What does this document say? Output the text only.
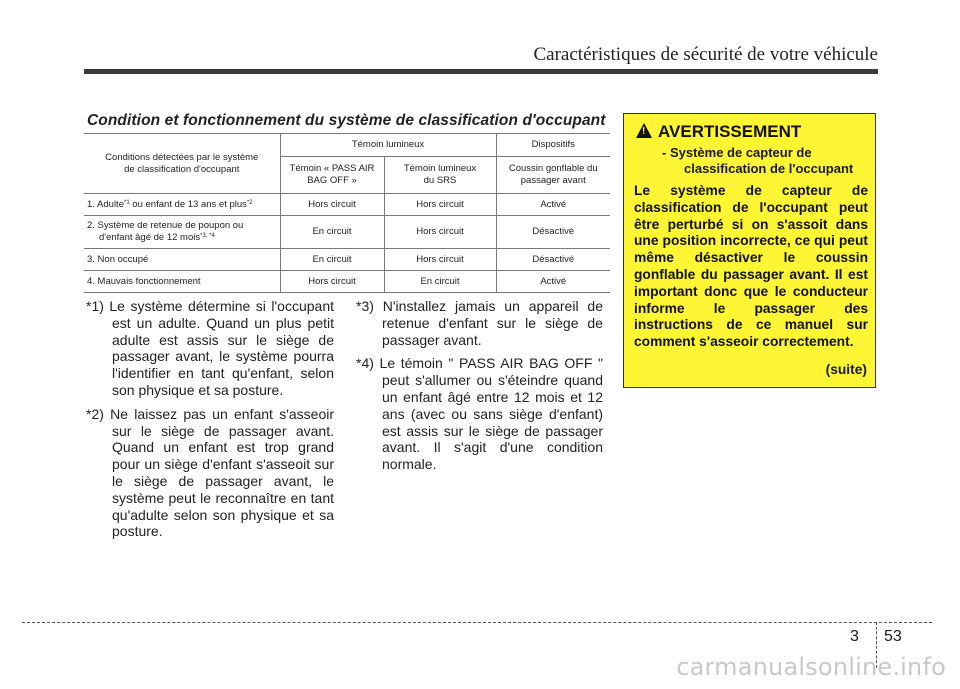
Caractéristiques de sécurité de votre véhicule
Condition et fonctionnement du système de classification d'occupant
Conditions détectées par le système de classification d'occupant	Témoin lumineux		Dispositifs
	Témoin « PASS AIR BAG OFF »	Témoin lumineux du SRS	Coussin gonflable du passager avant
1. Adulte$^{*1}$ ou enfant de 13 ans et plus$^{*2}$	Hors circuit	Hors circuit	Activé
2. Système de retenue de poupon ou
d'enfant âgé de 12 mois$^{*3, *4}$	En circuit	Hors circuit	Désactivé
3. Non occupé	En circuit	Hors circuit	Désactivé
4. Mauvais fonctionnement	Hors circuit	En circuit	Activé
*1) Le système détermine si l'occupant est un adulte. Quand un plus petit adulte est assis sur le siège de passager avant, le système pourra l'identifier en tant qu'enfant, selon son physique et sa posture.
*2) Ne laissez pas un enfant s'asseoir sur le siège de passager avant. Quand un enfant est trop grand pour un siège d'enfant s'asseoit sur le siège de passager avant, le système peut le reconnaître en tant qu'adulte selon son physique et sa posture.
*3) N'installez jamais un appareil de retenue d'enfant sur le siège de passager avant.
*4) Le témoin " PASS AIR BAG OFF " peut s'allumer ou s'éteindre quand un enfant âgé entre 12 mois et 12 ans (avec ou sans siège d'enfant) est assis sur le siège de passager avant. Il s'agit d'une condition normale.
! AVERTISSEMENT
- Système de capteur de
classification de l'occupant
Le système de capteur de classification de l'occupant peut être perturbé si on s'assoit dans une position incorrecte, ce qui peut même désactiver le coussin gonflable du passager avant. Il est important donc que le conducteur informe le passager des instructions de ce manuel sur comment s'asseoir correctement.
(suite)
3 53
carmanualsonline.info
